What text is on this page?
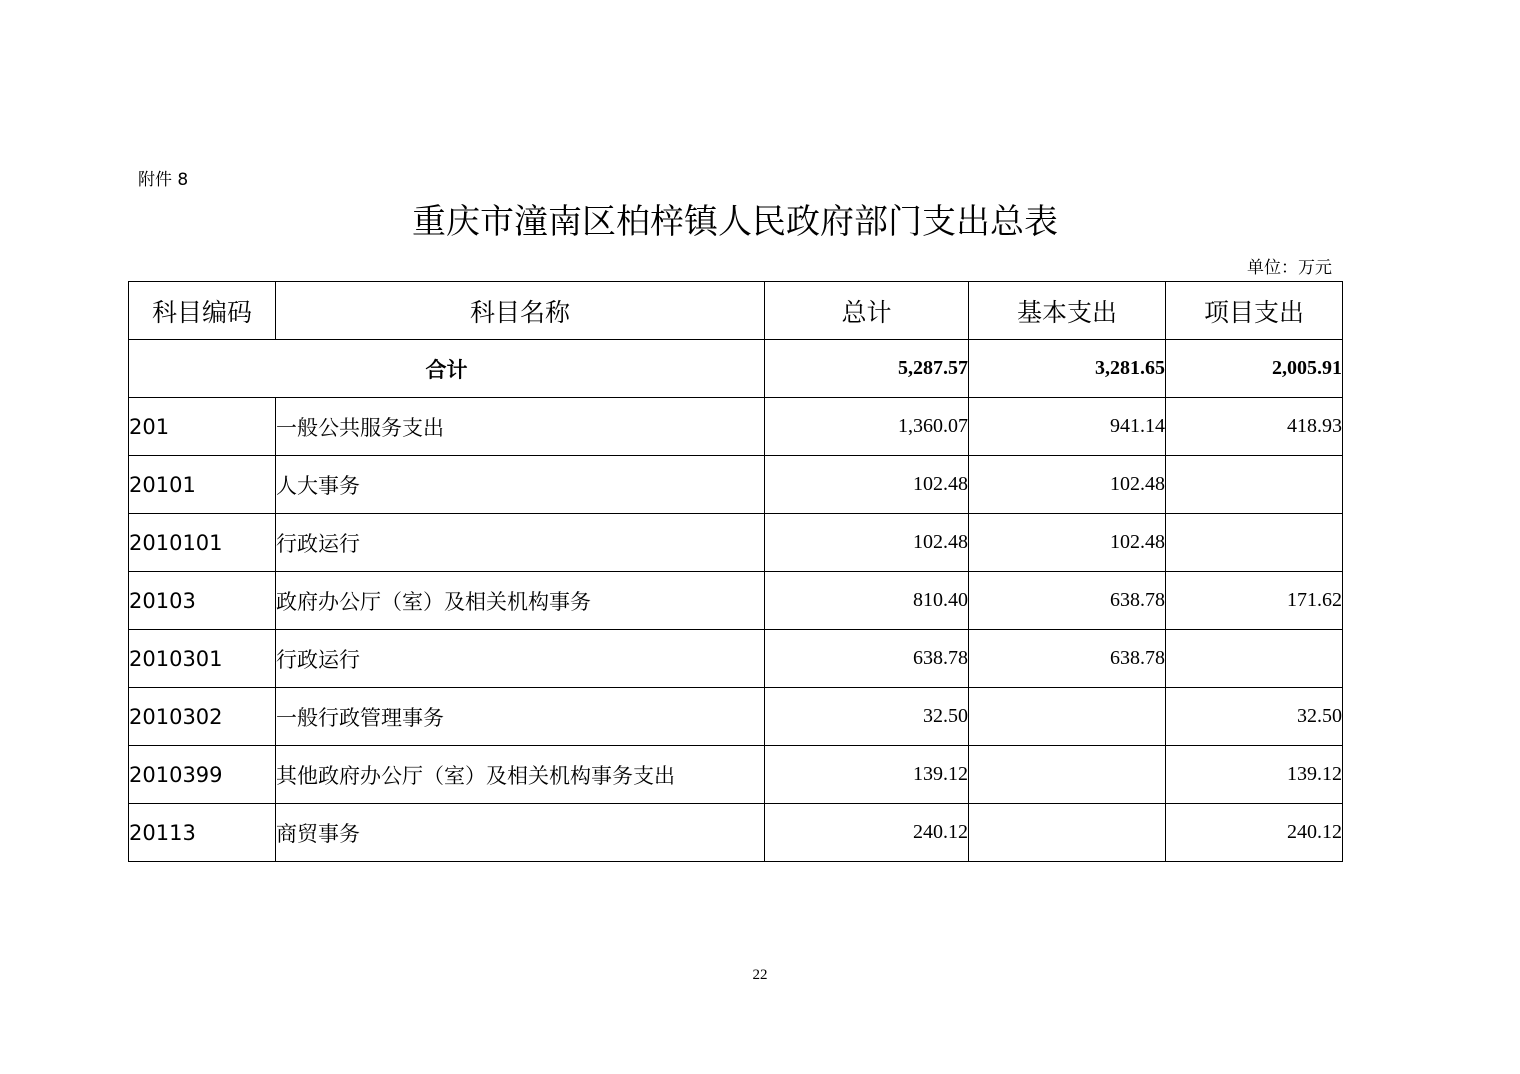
附件 8
重庆市潼南区柏梓镇人民政府部门支出总表
单位：万元
科目编码	科目名称	总计	基本支出	项目支出
合计		5,287.57	3,281.65	2,005.91
201	一般公共服务支出	1,360.07	941.14	418.93
20101	人大事务	102.48	102.48	
2010101	行政运行	102.48	102.48	
20103	政府办公厅（室）及相关机构事务	810.40	638.78	171.62
2010301	行政运行	638.78	638.78	
2010302	一般行政管理事务	32.50		32.50
2010399	其他政府办公厅（室）及相关机构事务支出	139.12		139.12
20113	商贸事务	240.12		240.12
22
